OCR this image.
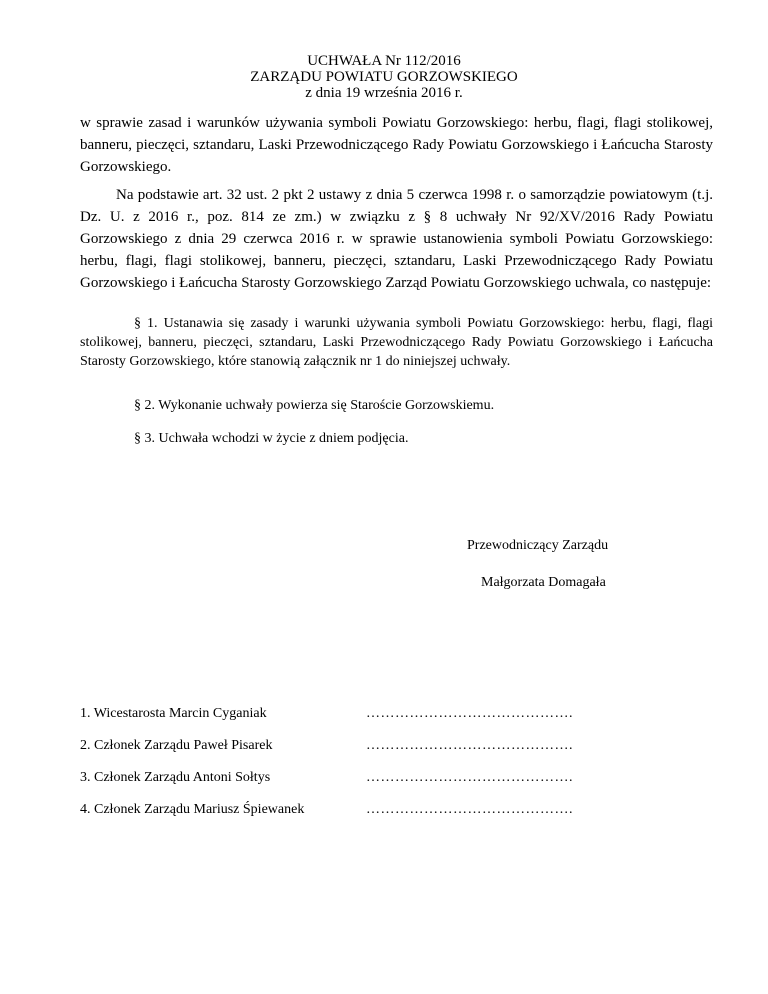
UCHWAŁA Nr 112/2016
ZARZĄDU POWIATU GORZOWSKIEGO
z dnia 19 września 2016 r.
w sprawie zasad i warunków używania symboli Powiatu Gorzowskiego: herbu, flagi, flagi stolikowej, banneru, pieczęci, sztandaru, Laski Przewodniczącego Rady Powiatu Gorzowskiego i Łańcucha Starosty Gorzowskiego.
Na podstawie art. 32 ust. 2 pkt 2 ustawy z dnia 5 czerwca 1998 r. o samorządzie powiatowym (t.j. Dz. U. z 2016 r., poz. 814 ze zm.) w związku z § 8 uchwały Nr 92/XV/2016 Rady Powiatu Gorzowskiego z dnia 29 czerwca 2016 r. w sprawie ustanowienia symboli Powiatu Gorzowskiego: herbu, flagi, flagi stolikowej, banneru, pieczęci, sztandaru, Laski Przewodniczącego Rady Powiatu Gorzowskiego i Łańcucha Starosty Gorzowskiego Zarząd Powiatu Gorzowskiego uchwala, co następuje:
§ 1. Ustanawia się zasady i warunki używania symboli Powiatu Gorzowskiego: herbu, flagi, flagi stolikowej, banneru, pieczęci, sztandaru, Laski Przewodniczącego Rady Powiatu Gorzowskiego i Łańcucha Starosty Gorzowskiego, które stanowią załącznik nr 1 do niniejszej uchwały.
§ 2. Wykonanie uchwały powierza się Staroście Gorzowskiemu.
§ 3. Uchwała wchodzi w życie z dniem podjęcia.
Przewodniczący Zarządu
Małgorzata Domagała
1. Wicestarosta Marcin Cyganiak	…………………………………….
2. Członek Zarządu Paweł Pisarek	…………………………………….
3. Członek Zarządu Antoni Sołtys	…………………………………….
4. Członek Zarządu Mariusz Śpiewanek	…………………………………….
